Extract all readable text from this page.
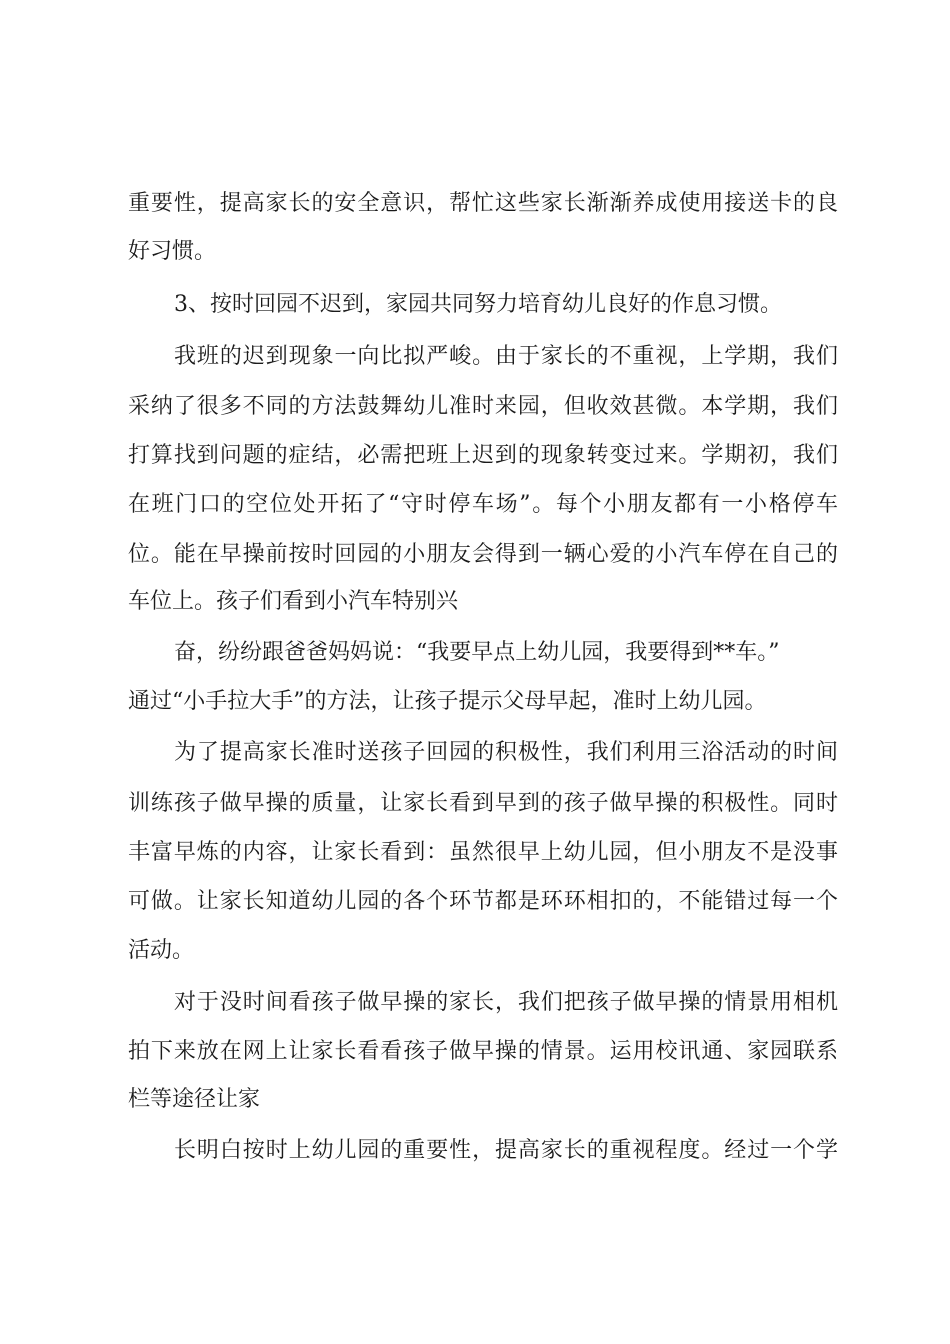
重要性，提高家长的安全意识，帮忙这些家长渐渐养成使用接送卡的良

好习惯。

3、按时回园不迟到，家园共同努力培育幼儿良好的作息习惯。

我班的迟到现象一向比拟严峻。由于家长的不重视，上学期，我们

采纳了很多不同的方法鼓舞幼儿准时来园，但收效甚微。本学期，我们

打算找到问题的症结，必需把班上迟到的现象转变过来。学期初，我们

在班门口的空位处开拓了“守时停车场”。每个小朋友都有一小格停车

位。能在早操前按时回园的小朋友会得到一辆心爱的小汽车停在自己的

车位上。孩子们看到小汽车特别兴

奋，纷纷跟爸爸妈妈说：“我要早点上幼儿园，我要得到**车。”

通过“小手拉大手”的方法，让孩子提示父母早起，准时上幼儿园。

为了提高家长准时送孩子回园的积极性，我们利用三浴活动的时间

训练孩子做早操的质量，让家长看到早到的孩子做早操的积极性。同时

丰富早炼的内容，让家长看到：虽然很早上幼儿园，但小朋友不是没事

可做。让家长知道幼儿园的各个环节都是环环相扣的，不能错过每一个

活动。

对于没时间看孩子做早操的家长，我们把孩子做早操的情景用相机

拍下来放在网上让家长看看孩子做早操的情景。运用校讯通、家园联系

栏等途径让家

长明白按时上幼儿园的重要性，提高家长的重视程度。经过一个学
